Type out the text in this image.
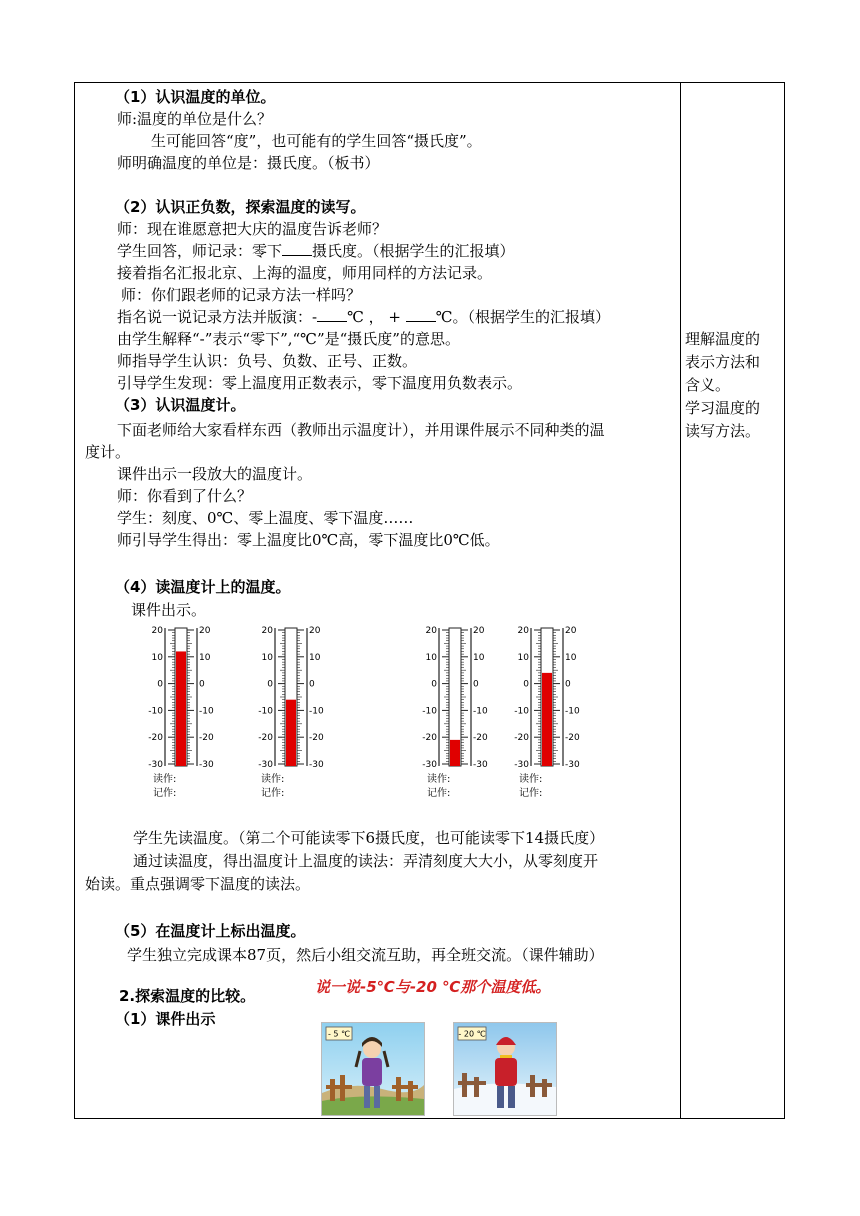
（1）认识温度的单位。
师:温度的单位是什么？
生可能回答“度”，也可能有的学生回答“摄氏度”。
师明确温度的单位是：摄氏度。（板书）
（2）认识正负数，探索温度的读写。
师：现在谁愿意把大庆的温度告诉老师？
学生回答，师记录：零下 摄氏度。（根据学生的汇报填）
接着指名汇报北京、上海的温度，师用同样的方法记录。
师：你们跟老师的记录方法一样吗？
指名说一说记录方法并版演：- ℃ ， + ℃。（根据学生的汇报填）
由学生解释“-”表示“零下”,“℃”是“摄氏度”的意思。
师指导学生认识：负号、负数、正号、正数。
引导学生发现：零上温度用正数表示，零下温度用负数表示。
（3）认识温度计。
下面老师给大家看样东西（教师出示温度计），并用课件展示不同种类的温
度计。
课件出示一段放大的温度计。
师：你看到了什么？
学生：刻度、0℃、零上温度、零下温度……
师引导学生得出：零上温度比0℃高，零下温度比0℃低。
（4）读温度计上的温度。
课件出示。
20	20
10	10
0	0
-10	-10
-20	-20
-30	-30
20	20
10	10
0	0
-10	-10
-20	-20
-30	-30
20	20
10	10
0	0
-10	-10
-20	-20
-30	-30
20	20
10	10
0	0
-10	-10
-20	-20
-30	-30
读作:
记作:
读作:
记作:
读作:
记作:
读作:
记作:
学生先读温度。（第二个可能读零下6摄氏度，也可能读零下14摄氏度）
通过读温度，得出温度计上温度的读法：弄清刻度大大小，从零刻度开
始读。重点强调零下温度的读法。
（5）在温度计上标出温度。
学生独立完成课本87页，然后小组交流互助，再全班交流。（课件辅助）
2.探索温度的比较。
（1）课件出示
说一说-5℃与-20 ℃那个温度低。
- 5 ℃	- 20 ℃
理解温度的
表示方法和
含义。
学习温度的
读写方法。
